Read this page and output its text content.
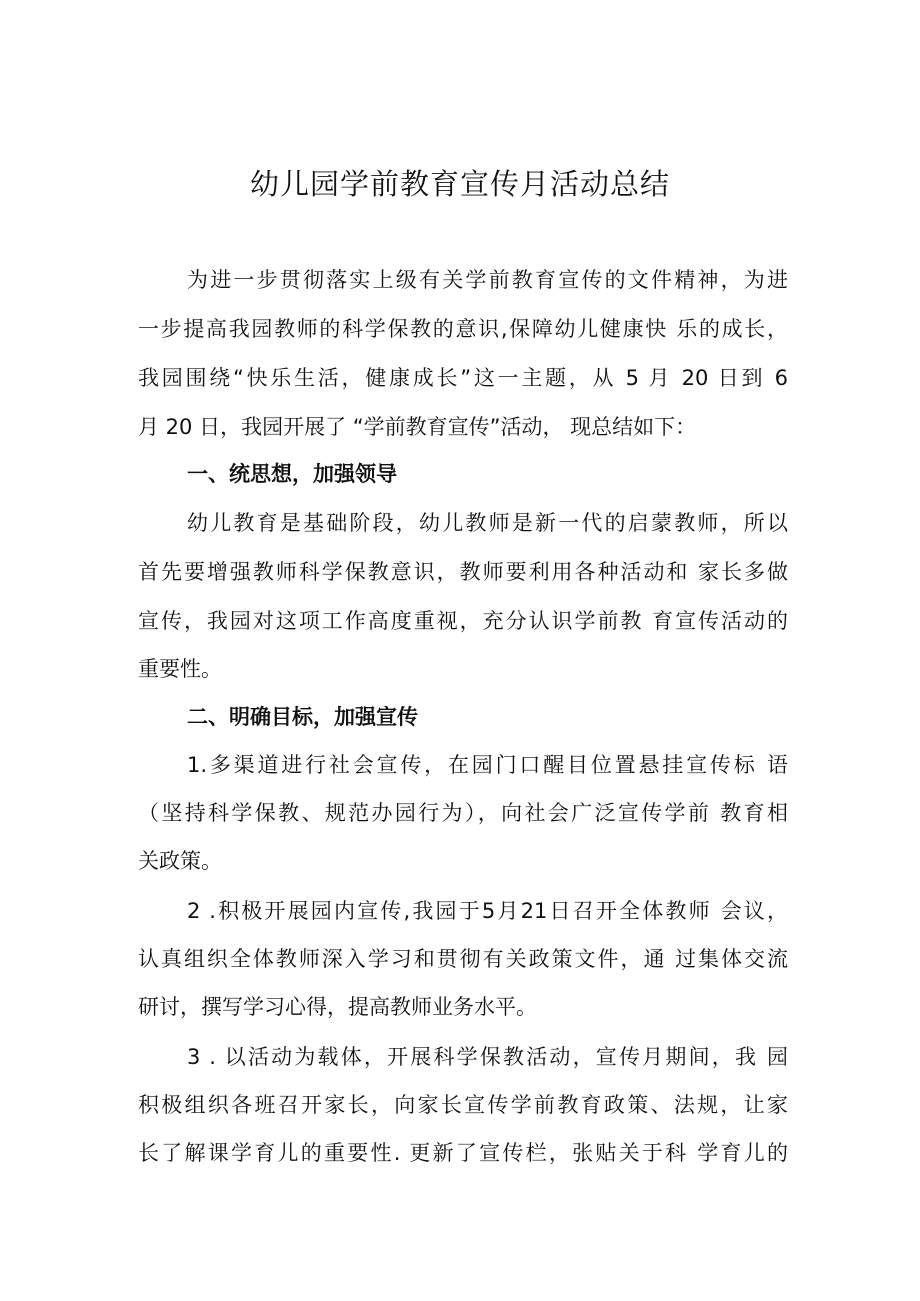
幼儿园学前教育宣传月活动总结

为进一步贯彻落实上级有关学前教育宣传的文件精神，为进

一步提高我园教师的科学保教的意识,保障幼儿健康快 乐的成长，

我园围绕“快乐生活，健康成长”这一主题，从 5 月 20 日到 6

月 20 日，我园开展了 “学前教育宣传”活动， 现总结如下：

一、统思想，加强领导

幼儿教育是基础阶段，幼儿教师是新一代的启蒙教师，所以

首先要增强教师科学保教意识，教师要利用各种活动和 家长多做

宣传，我园对这项工作高度重视，充分认识学前教 育宣传活动的

重要性。

二、明确目标，加强宣传

1.多渠道进行社会宣传，在园门口醒目位置悬挂宣传标 语

（坚持科学保教、规范办园行为），向社会广泛宣传学前 教育相

关政策。

2 .积极开展园内宣传,我园于5月21日召开全体教师 会议，

认真组织全体教师深入学习和贯彻有关政策文件，通 过集体交流

研讨，撰写学习心得，提高教师业务水平。

3 . 以活动为载体，开展科学保教活动，宣传月期间，我 园

积极组织各班召开家长，向家长宣传学前教育政策、法规，让家

长了解课学育儿的重要性. 更新了宣传栏，张贴关于科 学育儿的
